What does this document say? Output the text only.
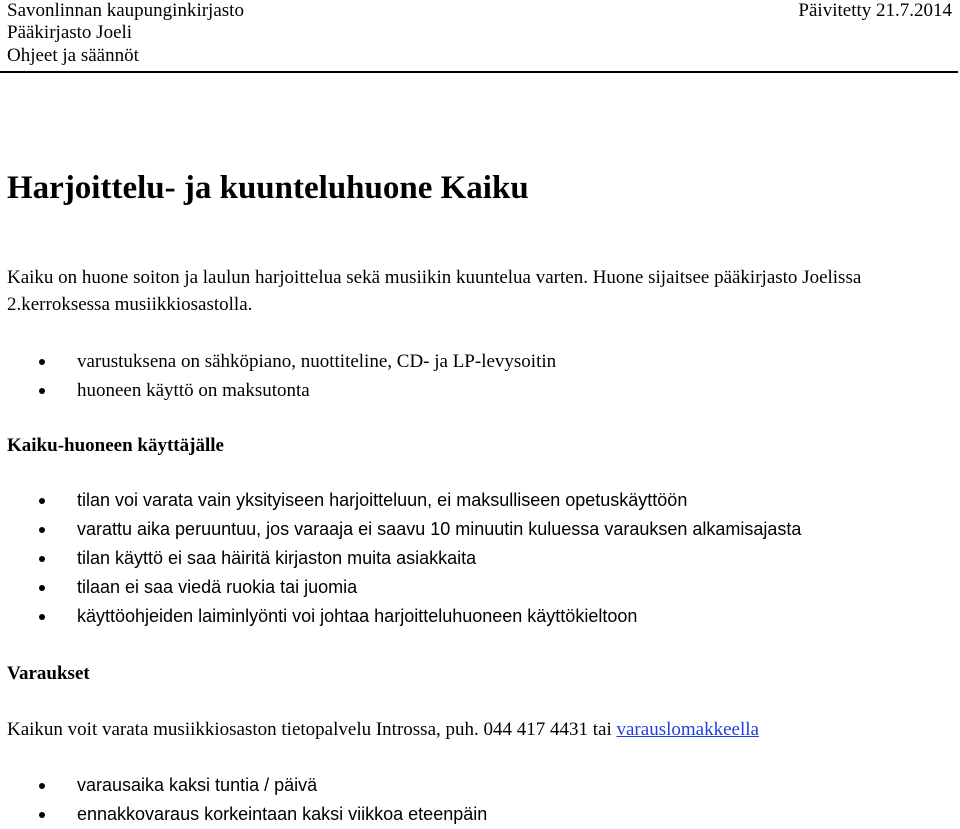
Savonlinnan kaupunginkirjasto	Päivitetty 21.7.2014
Pääkirjasto Joeli
Ohjeet ja säännöt
Harjoittelu- ja kuunteluhuone Kaiku
Kaiku on huone soiton ja laulun harjoittelua sekä musiikin kuuntelua varten. Huone sijaitsee pääkirjasto Joelissa 2.kerroksessa musiikkiosastolla.
varustuksena on sähköpiano, nuottiteline, CD- ja LP-levysoitin
huoneen käyttö on maksutonta
Kaiku-huoneen käyttäjälle
tilan voi varata vain yksityiseen harjoitteluun, ei maksulliseen opetuskäyttöön
varattu aika peruuntuu, jos varaaja ei saavu 10 minuutin kuluessa varauksen alkamisajasta
tilan käyttö ei saa häiritä kirjaston muita asiakkaita
tilaan ei saa viedä ruokia tai juomia
käyttöohjeiden laiminlyönti voi johtaa harjoitteluhuoneen käyttökieltoon
Varaukset
Kaikun voit varata musiikkiosaston tietopalvelu Introssa, puh. 044 417 4431 tai varauslomakkeella
varausaika kaksi tuntia / päivä
ennakkovaraus korkeintaan kaksi viikkoa eteenpäin
